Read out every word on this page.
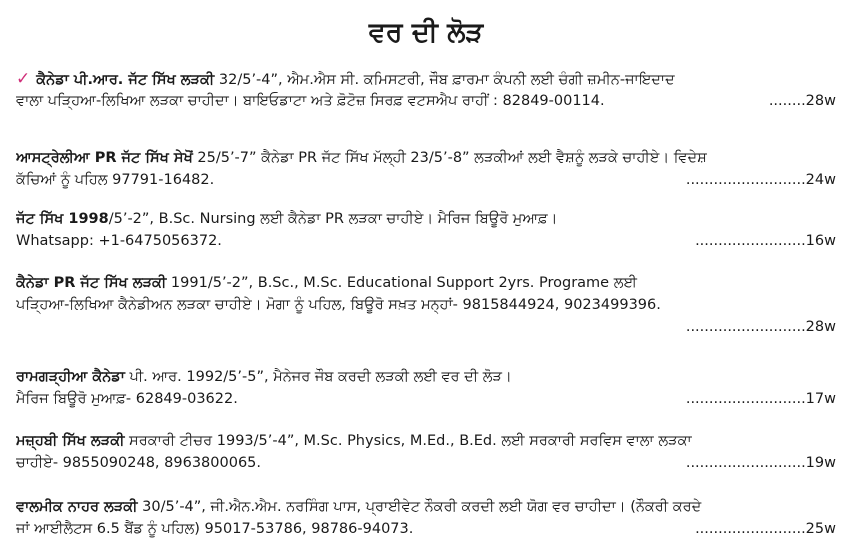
ਵਰ ਦੀ ਲੋੜ
✓ ਕੈਨੇਡਾ ਪੀ.ਆਰ. ਜੱਟ ਸਿੱਖ ਲੜਕੀ 32/5’-4”, ਐਮ.ਐਸ ਸੀ. ਕਮਿਸਟਰੀ, ਜੌਬ ਫ਼ਾਰਮਾ ਕੰਪਨੀ ਲਈ ਚੰਗੀ ਜ਼ਮੀਨ-ਜਾਇਦਾਦ
ਵਾਲਾ ਪੜ੍ਹਿਆ-ਲਿਖਿਆ ਲੜਕਾ ਚਾਹੀਦਾ। ਬਾਇਓਡਾਟਾ ਅਤੇ ਫ਼ੋਟੋਜ਼ ਸਿਰਫ਼ ਵਟਸਐਪ ਰਾਹੀਂ : 82849-00114.	........28w
ਆਸਟ੍ਰੇਲੀਆ PR ਜੱਟ ਸਿੱਖ ਸੇਖੋਂ 25/5’-7” ਕੈਨੇਡਾ PR ਜੱਟ ਸਿੱਖ ਮੱਲ੍ਹੀ 23/5’-8” ਲੜਕੀਆਂ ਲਈ ਵੈਸ਼ਨੂੰ ਲੜਕੇ ਚਾਹੀਏ। ਵਿਦੇਸ਼
ਕੱਚਿਆਂ ਨੂੰ ਪਹਿਲ 97791-16482.	..........................24w
ਜੱਟ ਸਿੱਖ 1998/5’-2”, B.Sc. Nursing ਲਈ ਕੈਨੇਡਾ PR ਲੜਕਾ ਚਾਹੀਏ। ਮੈਰਿਜ ਬਿਊਰੋ ਮੁਆਫ਼।
Whatsapp: +1-6475056372.	........................16w
ਕੈਨੇਡਾ PR ਜੱਟ ਸਿੱਖ ਲੜਕੀ 1991/5’-2”, B.Sc., M.Sc. Educational Support 2yrs. Programe ਲਈ
ਪੜ੍ਹਿਆ-ਲਿਖਿਆ ਕੈਨੇਡੀਅਨ ਲੜਕਾ ਚਾਹੀਏ। ਮੋਗਾ ਨੂੰ ਪਹਿਲ, ਬਿਊਰੋ ਸਖ਼ਤ ਮਨ੍ਹਾਂ- 9815844924, 9023499396.
..........................28w
ਰਾਮਗੜ੍ਹੀਆ ਕੈਨੇਡਾ ਪੀ. ਆਰ. 1992/5’-5”, ਮੈਨੇਜਰ ਜੌਬ ਕਰਦੀ ਲੜਕੀ ਲਈ ਵਰ ਦੀ ਲੋੜ।
ਮੈਰਿਜ ਬਿਊਰੋ ਮੁਆਫ਼- 62849-03622.	..........................17w
ਮਜ਼੍ਹਬੀ ਸਿੱਖ ਲੜਕੀ ਸਰਕਾਰੀ ਟੀਚਰ 1993/5’-4”, M.Sc. Physics, M.Ed., B.Ed. ਲਈ ਸਰਕਾਰੀ ਸਰਵਿਸ ਵਾਲਾ ਲੜਕਾ
ਚਾਹੀਏ- 9855090248, 8963800065.	..........................19w
ਵਾਲਮੀਕ ਨਾਹਰ ਲੜਕੀ 30/5’-4”, ਜੀ.ਐਨ.ਐਮ. ਨਰਸਿੰਗ ਪਾਸ, ਪ੍ਰਾਈਵੇਟ ਨੌਕਰੀ ਕਰਦੀ ਲਈ ਯੋਗ ਵਰ ਚਾਹੀਦਾ। (ਨੌਕਰੀ ਕਰਦੇ
ਜਾਂ ਆਈਲੈਟਸ 6.5 ਬੈਂਡ ਨੂੰ ਪਹਿਲ) 95017-53786, 98786-94073.	........................25w
